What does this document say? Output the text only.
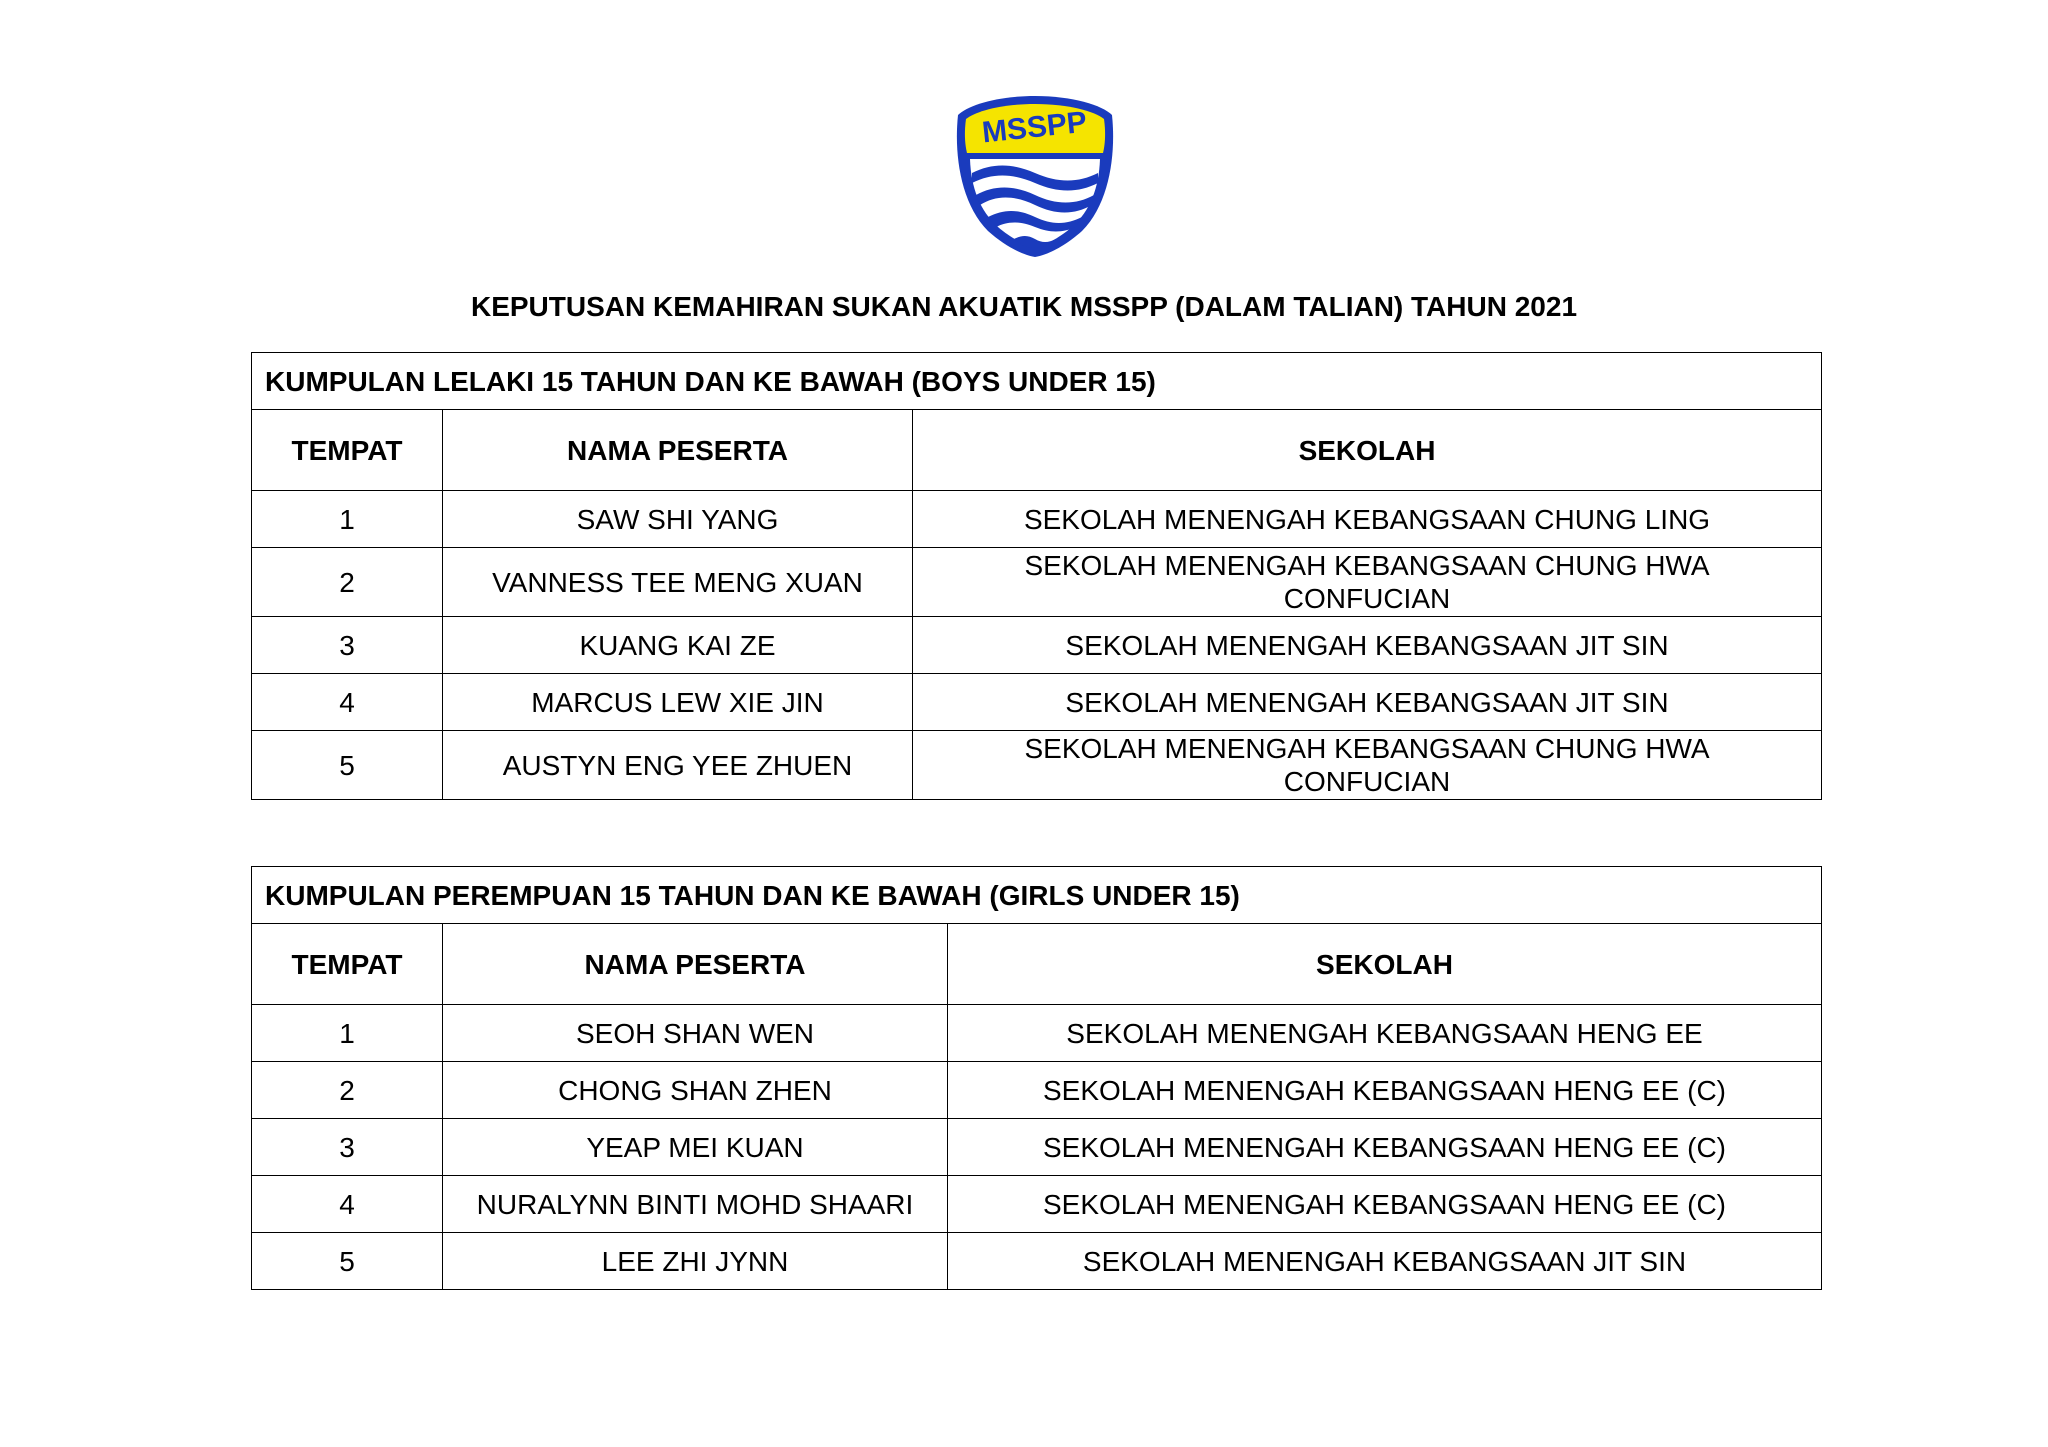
MSSPP
KEPUTUSAN KEMAHIRAN SUKAN AKUATIK MSSPP (DALAM TALIAN) TAHUN 2021
KUMPULAN LELAKI 15 TAHUN DAN KE BAWAH (BOYS UNDER 15)		
TEMPAT	NAMA PESERTA	SEKOLAH
1	SAW SHI YANG	SEKOLAH MENENGAH KEBANGSAAN CHUNG LING
2	VANNESS TEE MENG XUAN	SEKOLAH MENENGAH KEBANGSAAN CHUNG HWA CONFUCIAN
3	KUANG KAI ZE	SEKOLAH MENENGAH KEBANGSAAN JIT SIN
4	MARCUS LEW XIE JIN	SEKOLAH MENENGAH KEBANGSAAN JIT SIN
5	AUSTYN ENG YEE ZHUEN	SEKOLAH MENENGAH KEBANGSAAN CHUNG HWA CONFUCIAN
KUMPULAN PEREMPUAN 15 TAHUN DAN KE BAWAH (GIRLS UNDER 15)		
TEMPAT	NAMA PESERTA	SEKOLAH
1	SEOH SHAN WEN	SEKOLAH MENENGAH KEBANGSAAN HENG EE
2	CHONG SHAN ZHEN	SEKOLAH MENENGAH KEBANGSAAN HENG EE (C)
3	YEAP MEI KUAN	SEKOLAH MENENGAH KEBANGSAAN HENG EE (C)
4	NURALYNN BINTI MOHD SHAARI	SEKOLAH MENENGAH KEBANGSAAN HENG EE (C)
5	LEE ZHI JYNN	SEKOLAH MENENGAH KEBANGSAAN JIT SIN
